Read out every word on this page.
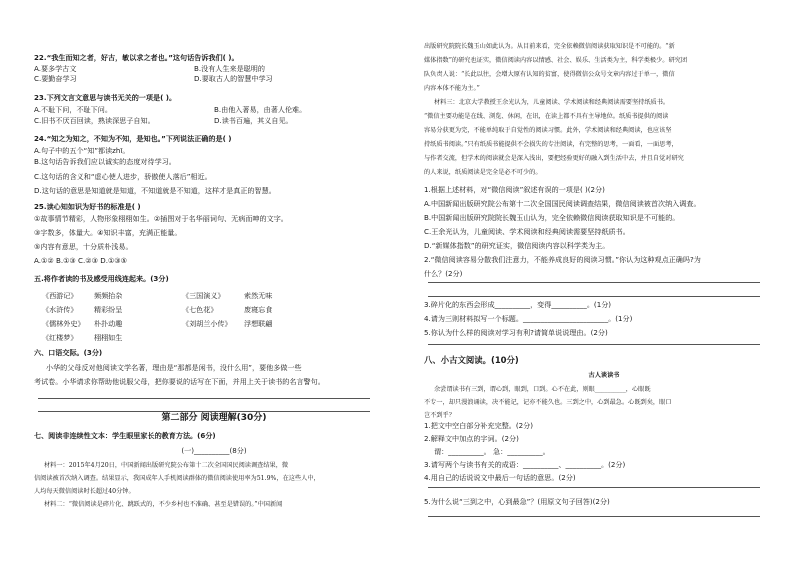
22.“我生而知之者，好古，敏以求之者也。”这句话告诉我们( )。
A.要多学古文	B.没有人生来是聪明的
C.要勤奋学习	D.要取古人的智慧中学习
23.下列文言文意思与读书无关的一项是( )。
A.不耻下问，不耻下问。	B.由他入著易，由著人伦难。
C.旧书不厌百回读，熟读深思子自知。	D.读书百遍，其义自见。
24.“知之为知之，不知为不知，是知也。”下列说法正确的是( )
A.句子中的五个“知”都读zhī。
B.这句话告诉我们应以诚实的态度对待学习。
C.这句话的含义和“虚心使人进步，骄傲使人落后”相近。
D.这句话的意思是知道就是知道，不知道就是不知道，这样才是真正的智慧。
25.读心知如识为好书的标准是( )
①故事情节精彩，人物形象栩栩如生。②插图对于名华丽词句、无病而呻的文字。
③字数多，体量大。④知识丰富，充满正能量。
⑤内容有意思，十分质朴浅易。
A.①② B.①③ C.②③ D.①③⑤
五.将作者读的书及感受用线连起来。(3分)
《西游记》 频频抬杂	《三国演义》	索然无味
《水浒传》 精彩纷呈	《七色花》	废寝忘食
《儒林外史》 朴扑动趣	《刘胡兰小传》 浮想联翩
《红楼梦》 栩栩如生
六、口语交际。(3分)
小华的父母反对他阅读文学名著，理由是“那都是闲书，没什么用”，要他多做一些
考试卷。小华请求你帮助他说服父母，把你要说的话写在下面，并用上关于读书的名言警句。
第二部分 阅读理解(30分)
七、阅读非连续性文本：学生眼里家长的教育方法。(6分)
(一)__________(8分)
材料一：2015年4月20日，中国新闻出版研究院公布第十二次全国国民阅读调查结果，微
信阅读被首次纳入调查。结果显示，我国成年人手机阅读群体的微信阅读使用率为51.9%，在这些人中，
人均每天微信阅读时长超过40分钟。
材料二：“微信阅读是碎片化、跳跃式的，不少乡村也不准确、甚至是错误的。”中国新闻
出版研究院院长魏玉山如此认为。从目前来看，完全依赖微信阅读获取知识是不可能的。“新
媒体指数”的研究也证实，微信阅读内容以情感、社会、娱乐、生活类为主，科学类极少。研究团
队负责人说：“长此以往，会增大原有认知的贫富，使得微信公众号文章内容过于单一，微信
内容本体不能为主。”
材料三：北京大学教授王余光认为，儿童阅读、学术阅读和经典阅读需要坚持纸质书。
“微信主要功能是在线、浏览、休闲，在讯，在读上都不具有主导地位。纸质书提供的阅读
容易分获更为完，不能单纯取于自觉性的阅读习惯。此外，学术阅读和经典阅读，也应该坚
持纸质书阅读。”只有纸质书能提供不会损失的专注阅读，有完整的思考，一面看，一面思考，
与作者交流，但学术的阅读就会是深入浅出，要把经验更好的融入到生活中去，并且自觉对研究
的人来说，纸质阅读是完全是必不可少的。
1.根据上述材料，对“微信阅读”叙述有误的一项是( )(2分)
A.中国新闻出版研究院公布第十二次全国国民阅读调查结果，微信阅读被首次纳入调查。
B.中国新闻出版研究院院长魏玉山认为，完全依赖微信阅读获取知识是不可能的。
C.王余光认为，儿童阅读、学术阅读和经典阅读需要坚持纸质书。
D.“新媒体指数”的研究证实，微信阅读内容以科学类为主。
2.“微信阅读容易分散我们注意力，不能养成良好的阅读习惯。”你认为这种观点正确吗?为
什么？(2分)
3.碎片化的东西会形成__________，变得__________。(1分)
4.请为三则材料拟写一个标题。________________________。(1分)
5.你认为什么样的阅读对学习有利?请简单说说理由。(2分)
八、小古文阅读。(10分)
古人谈读书
余尝谓读书有三到，谓心到，眼到，口到。心不在此，则眼__________，心眼既
不专一，却只漫浪诵读，决不能记，记亦不能久也。三到之中，心到最急。心既到矣，眼口
岂不到乎？
1.把文中空白部分补充完整。(2分)
2.解释文中加点的字词。(2分)
谓：__________。 急：__________。
3.请写两个与读书有关的成语：__________、__________。(2分)
4.用自己的话说说文中最后一句话的意思。(2分)
5.为什么说“三到之中，心到最急”？(用原文句子回答)(2分)
